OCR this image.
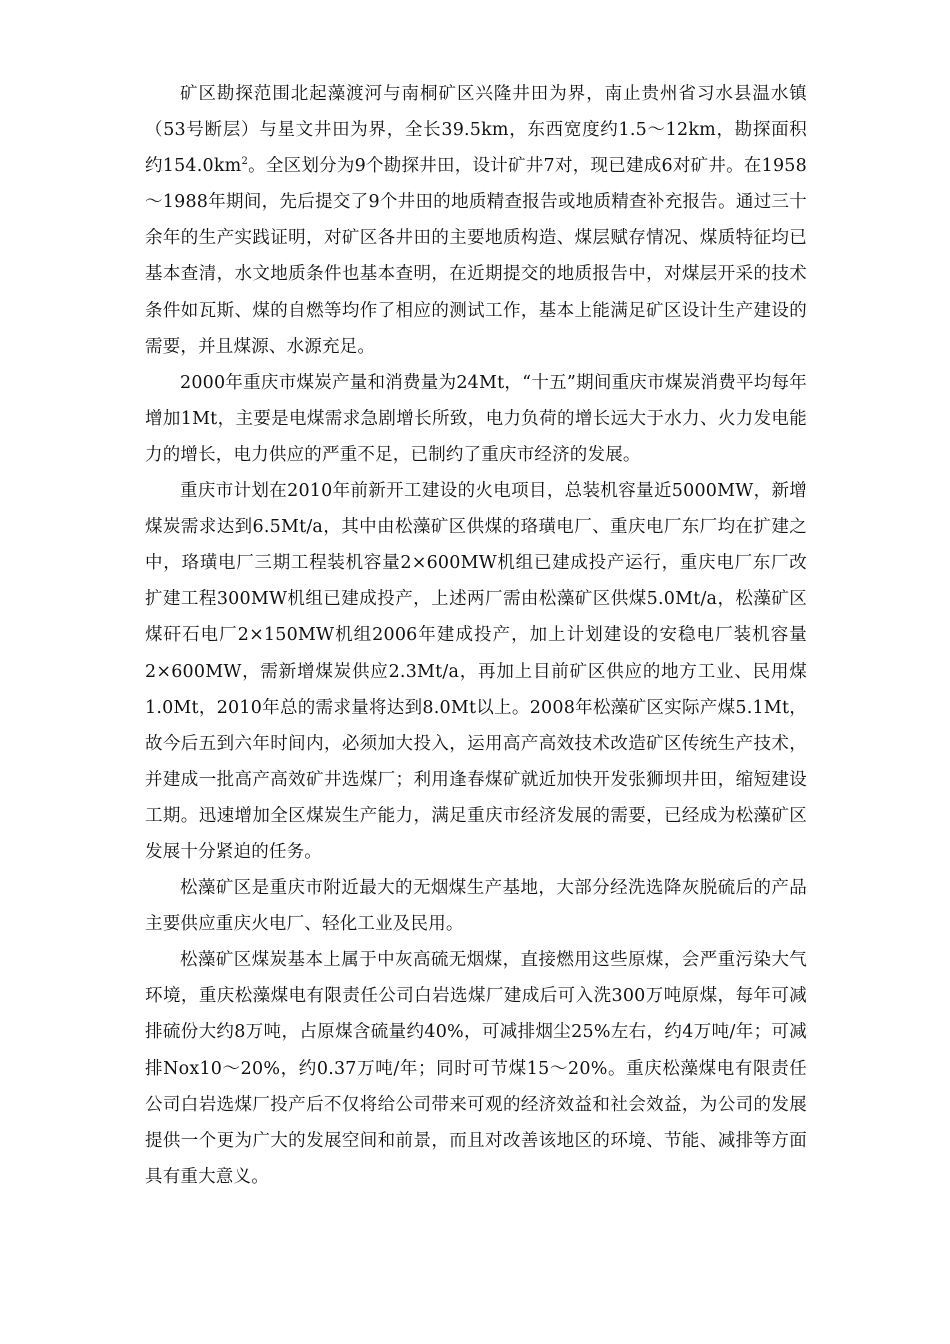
矿区勘探范围北起藻渡河与南桐矿区兴隆井田为界，南止贵州省习水县温水镇（53号断层）与星文井田为界，全长39.5km，东西宽度约1.5～12km，勘探面积约$154.0km^2$。全区划分为9个勘探井田，设计矿井7对，现已建成6对矿井。在1958～1988年期间，先后提交了9个井田的地质精查报告或地质精查补充报告。通过三十余年的生产实践证明，对矿区各井田的主要地质构造、煤层赋存情况、煤质特征均已基本查清，水文地质条件也基本查明，在近期提交的地质报告中，对煤层开采的技术条件如瓦斯、煤的自燃等均作了相应的测试工作，基本上能满足矿区设计生产建设的需要，并且煤源、水源充足。

2000年重庆市煤炭产量和消费量为24Mt，“十五”期间重庆市煤炭消费平均每年增加1Mt，主要是电煤需求急剧增长所致，电力负荷的增长远大于水力、火力发电能力的增长，电力供应的严重不足，已制约了重庆市经济的发展。

重庆市计划在2010年前新开工建设的火电项目，总装机容量近5000MW，新增煤炭需求达到6.5Mt/a，其中由松藻矿区供煤的珞璜电厂、重庆电厂东厂均在扩建之中，珞璜电厂三期工程装机容量2×600MW机组已建成投产运行，重庆电厂东厂改扩建工程300MW机组已建成投产，上述两厂需由松藻矿区供煤5.0Mt/a，松藻矿区煤矸石电厂2×150MW机组2006年建成投产，加上计划建设的安稳电厂装机容量2×600MW，需新增煤炭供应2.3Mt/a，再加上目前矿区供应的地方工业、民用煤1.0Mt，2010年总的需求量将达到8.0Mt以上。2008年松藻矿区实际产煤5.1Mt，故今后五到六年时间内，必须加大投入，运用高产高效技术改造矿区传统生产技术，并建成一批高产高效矿井选煤厂；利用逢春煤矿就近加快开发张狮坝井田，缩短建设工期。迅速增加全区煤炭生产能力，满足重庆市经济发展的需要，已经成为松藻矿区发展十分紧迫的任务。

松藻矿区是重庆市附近最大的无烟煤生产基地，大部分经洗选降灰脱硫后的产品主要供应重庆火电厂、轻化工业及民用。

松藻矿区煤炭基本上属于中灰高硫无烟煤，直接燃用这些原煤，会严重污染大气环境，重庆松藻煤电有限责任公司白岩选煤厂建成后可入洗300万吨原煤，每年可减排硫份大约8万吨，占原煤含硫量约40%，可减排烟尘25%左右，约4万吨/年；可减排Nox10～20%，约0.37万吨/年；同时可节煤15～20%。重庆松藻煤电有限责任公司白岩选煤厂投产后不仅将给公司带来可观的经济效益和社会效益，为公司的发展提供一个更为广大的发展空间和前景，而且对改善该地区的环境、节能、减排等方面具有重大意义。
